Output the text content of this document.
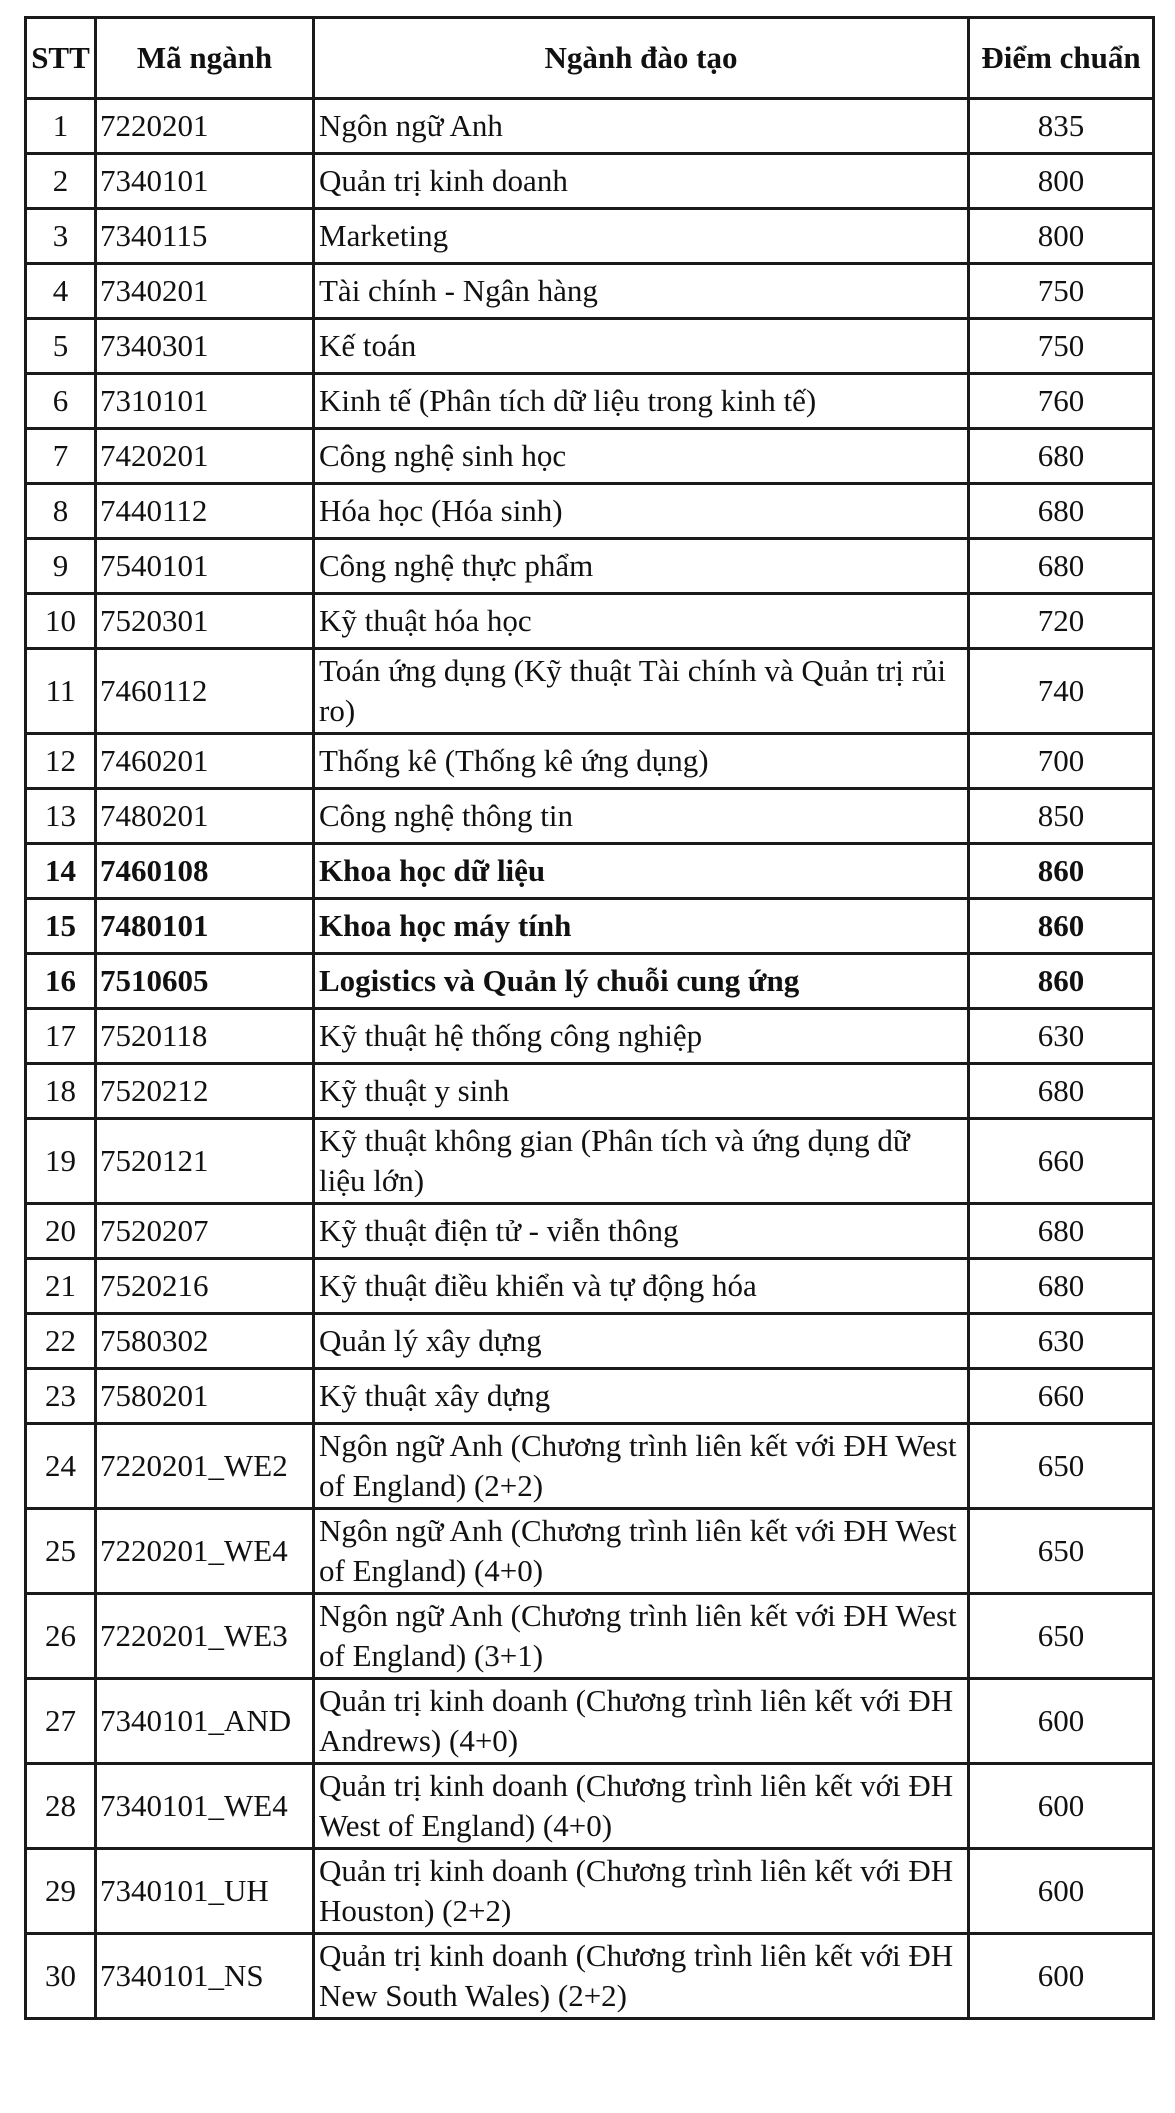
STT	Mã ngành	Ngành đào tạo	Điểm chuẩn
1	7220201	Ngôn ngữ Anh	835
2	7340101	Quản trị kinh doanh	800
3	7340115	Marketing	800
4	7340201	Tài chính - Ngân hàng	750
5	7340301	Kế toán	750
6	7310101	Kinh tế (Phân tích dữ liệu trong kinh tế)	760
7	7420201	Công nghệ sinh học	680
8	7440112	Hóa học (Hóa sinh)	680
9	7540101	Công nghệ thực phẩm	680
10	7520301	Kỹ thuật hóa học	720
11	7460112	Toán ứng dụng (Kỹ thuật Tài chính và Quản trị rủi ro)	740
12	7460201	Thống kê (Thống kê ứng dụng)	700
13	7480201	Công nghệ thông tin	850
14	7460108	Khoa học dữ liệu	860
15	7480101	Khoa học máy tính	860
16	7510605	Logistics và Quản lý chuỗi cung ứng	860
17	7520118	Kỹ thuật hệ thống công nghiệp	630
18	7520212	Kỹ thuật y sinh	680
19	7520121	Kỹ thuật không gian (Phân tích và ứng dụng dữ liệu lớn)	660
20	7520207	Kỹ thuật điện tử - viễn thông	680
21	7520216	Kỹ thuật điều khiển và tự động hóa	680
22	7580302	Quản lý xây dựng	630
23	7580201	Kỹ thuật xây dựng	660
24	7220201_WE2	Ngôn ngữ Anh (Chương trình liên kết với ĐH West of England) (2+2)	650
25	7220201_WE4	Ngôn ngữ Anh (Chương trình liên kết với ĐH West of England) (4+0)	650
26	7220201_WE3	Ngôn ngữ Anh (Chương trình liên kết với ĐH West of England) (3+1)	650
27	7340101_AND	Quản trị kinh doanh (Chương trình liên kết với ĐH Andrews) (4+0)	600
28	7340101_WE4	Quản trị kinh doanh (Chương trình liên kết với ĐH West of England) (4+0)	600
29	7340101_UH	Quản trị kinh doanh (Chương trình liên kết với ĐH Houston) (2+2)	600
30	7340101_NS	Quản trị kinh doanh (Chương trình liên kết với ĐH New South Wales) (2+2)	600
